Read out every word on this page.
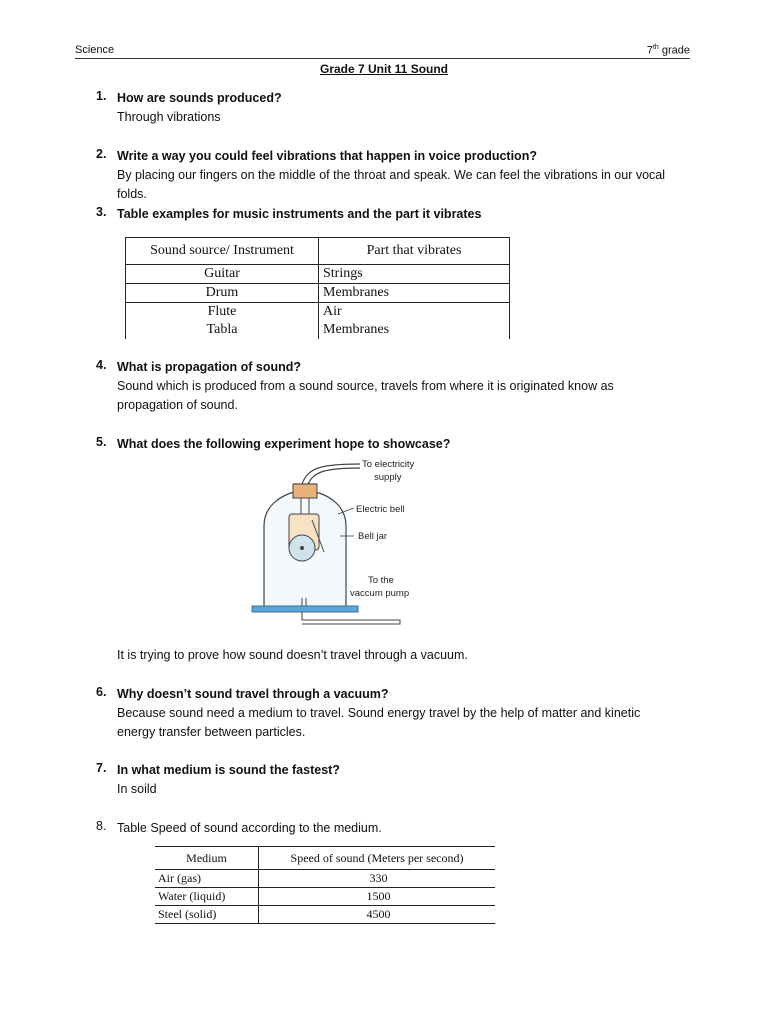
Science	7th grade
Grade 7 Unit 11 Sound
1. How are sounds produced?
Through vibrations
2. Write a way you could feel vibrations that happen in voice production?
By placing our fingers on the middle of the throat and speak. We can feel the vibrations in our vocal folds.
3. Table examples for music instruments and the part it vibrates
Sound source/ Instrument	Part that vibrates
Guitar	Strings
Drum	Membranes
Flute	Air
Tabla	Membranes
4. What is propagation of sound?
Sound which is produced from a sound source, travels from where it is originated know as propagation of sound.
5. What does the following experiment hope to showcase?
To electricity
supply
Electric bell
Bell jar
To the
vaccum pump
It is trying to prove how sound doesn’t travel through a vacuum.
6. Why doesn’t sound travel through a vacuum?
Because sound need a medium to travel. Sound energy travel by the help of matter and kinetic energy transfer between particles.
7. In what medium is sound the fastest?
In soild
8. Table Speed of sound according to the medium.
Medium	Speed of sound (Meters per second)
Air (gas)	330
Water (liquid)	1500
Steel (solid)	4500
